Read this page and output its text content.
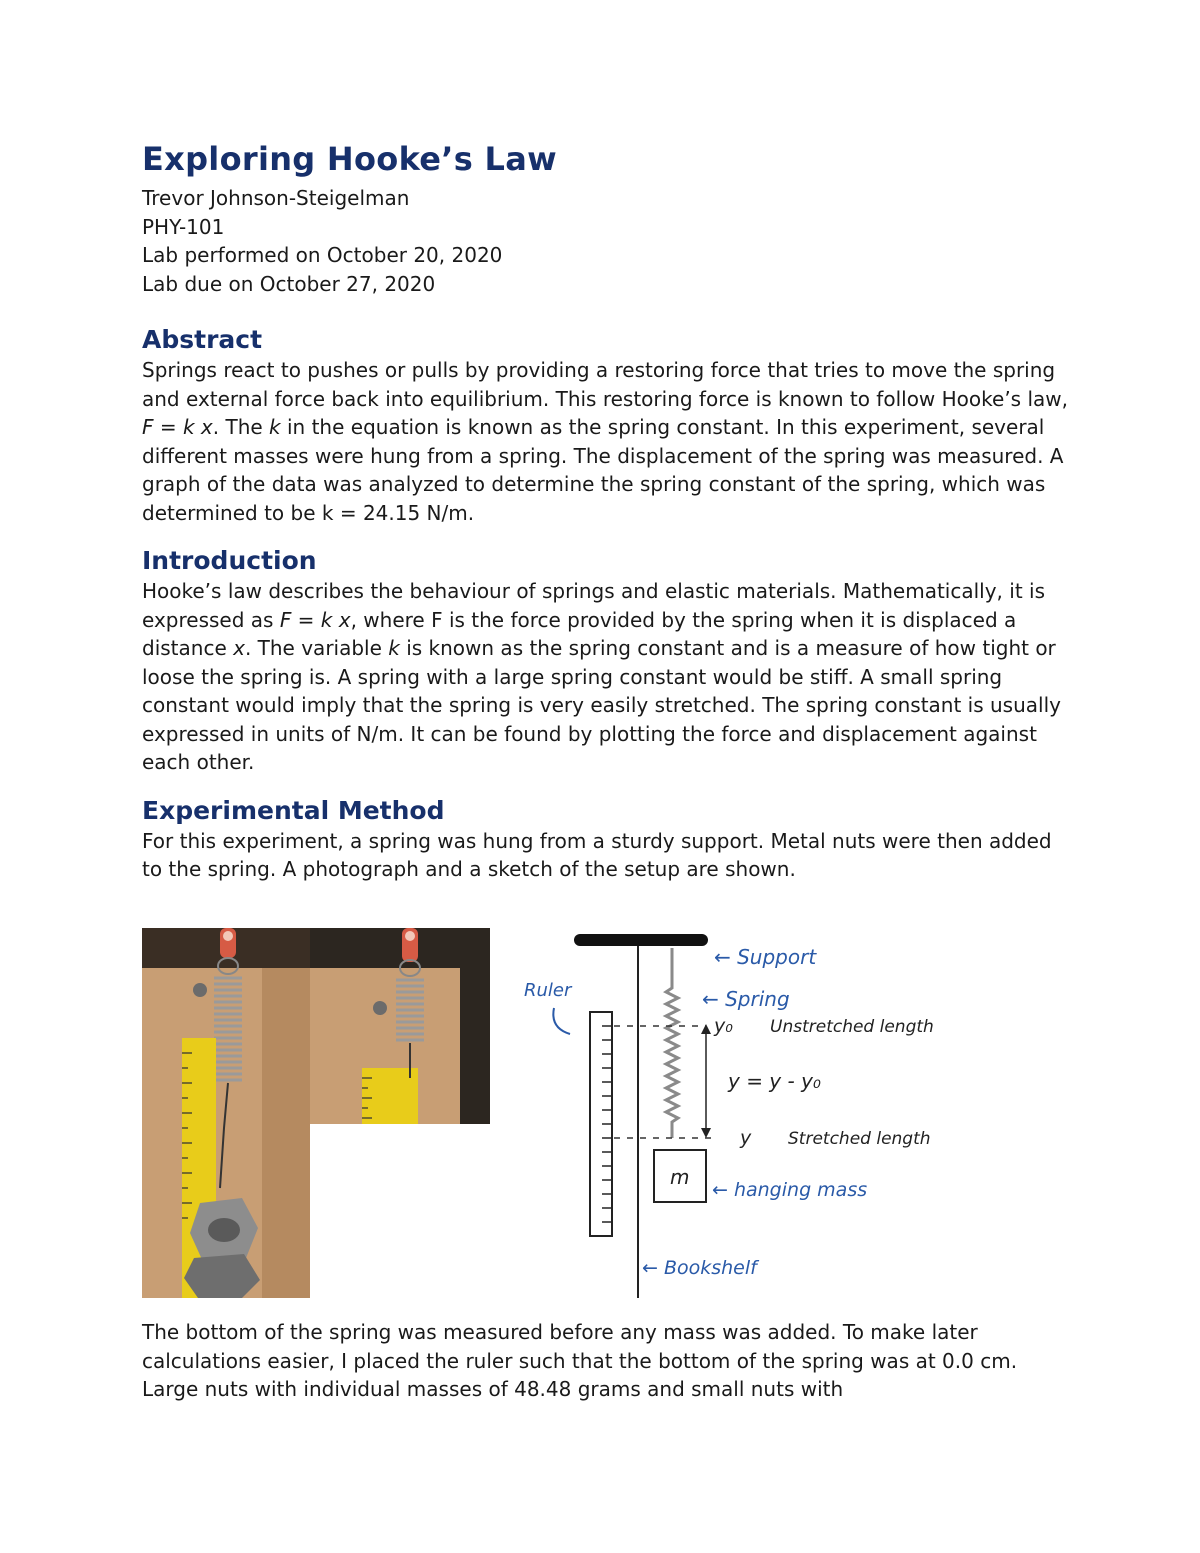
Exploring Hooke’s Law

Trevor Johnson-Steigelman

PHY-101

Lab performed on October 20, 2020

Lab due on October 27, 2020

Abstract

Springs react to pushes or pulls by providing a restoring force that tries to move the spring and external force back into equilibrium. This restoring force is known to follow Hooke’s law, F = k x. The k in the equation is known as the spring constant. In this experiment, several different masses were hung from a spring. The displacement of the spring was measured. A graph of the data was analyzed to determine the spring constant of the spring, which was determined to be k = 24.15 N/m.

Introduction

Hooke’s law describes the behaviour of springs and elastic materials. Mathematically, it is expressed as F = k x, where F is the force provided by the spring when it is displaced a distance x. The variable k is known as the spring constant and is a measure of how tight or loose the spring is. A spring with a large spring constant would be stiff. A small spring constant would imply that the spring is very easily stretched. The spring constant is usually expressed in units of N/m. It can be found by plotting the force and displacement against each other.

Experimental Method

For this experiment, a spring was hung from a sturdy support. Metal nuts were then added to the spring. A photograph and a sketch of the setup are shown.

← Support
← Bookshelf
← Spring
Ruler
y₀ Unstretched length
y = y - y₀
y Stretched length
m
← hanging mass

The bottom of the spring was measured before any mass was added. To make later calculations easier, I placed the ruler such that the bottom of the spring was at 0.0 cm. Large nuts with individual masses of 48.48 grams and small nuts with
